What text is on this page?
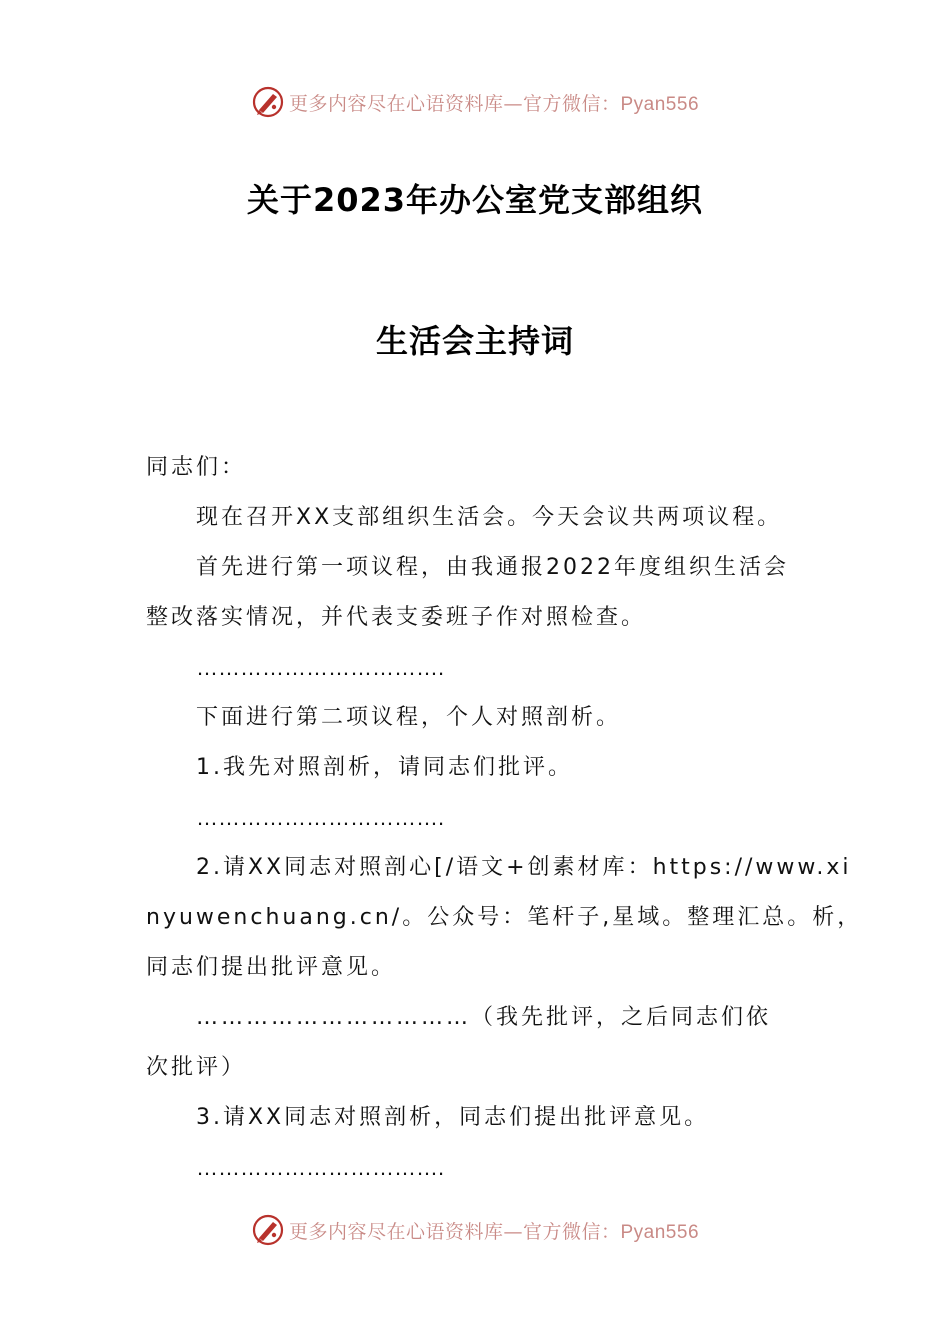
更多内容尽在心语资料库—官方微信：Pyan556
关于2023年办公室党支部组织
生活会主持词
同志们：
现在召开XX支部组织生活会。今天会议共两项议程。
首先进行第一项议程，由我通报2022年度组织生活会
整改落实情况，并代表支委班子作对照检查。
…………………………….
下面进行第二项议程，个人对照剖析。
1.我先对照剖析，请同志们批评。
…………………………….
2.请XX同志对照剖心[/语文+创素材库：https://www.xi
nyuwenchuang.cn/。公众号：笔杆子,星域。整理汇总。析，
同志们提出批评意见。
……………………………（我先批评，之后同志们依
次批评）
3.请XX同志对照剖析，同志们提出批评意见。
…………………………….
更多内容尽在心语资料库—官方微信：Pyan556
